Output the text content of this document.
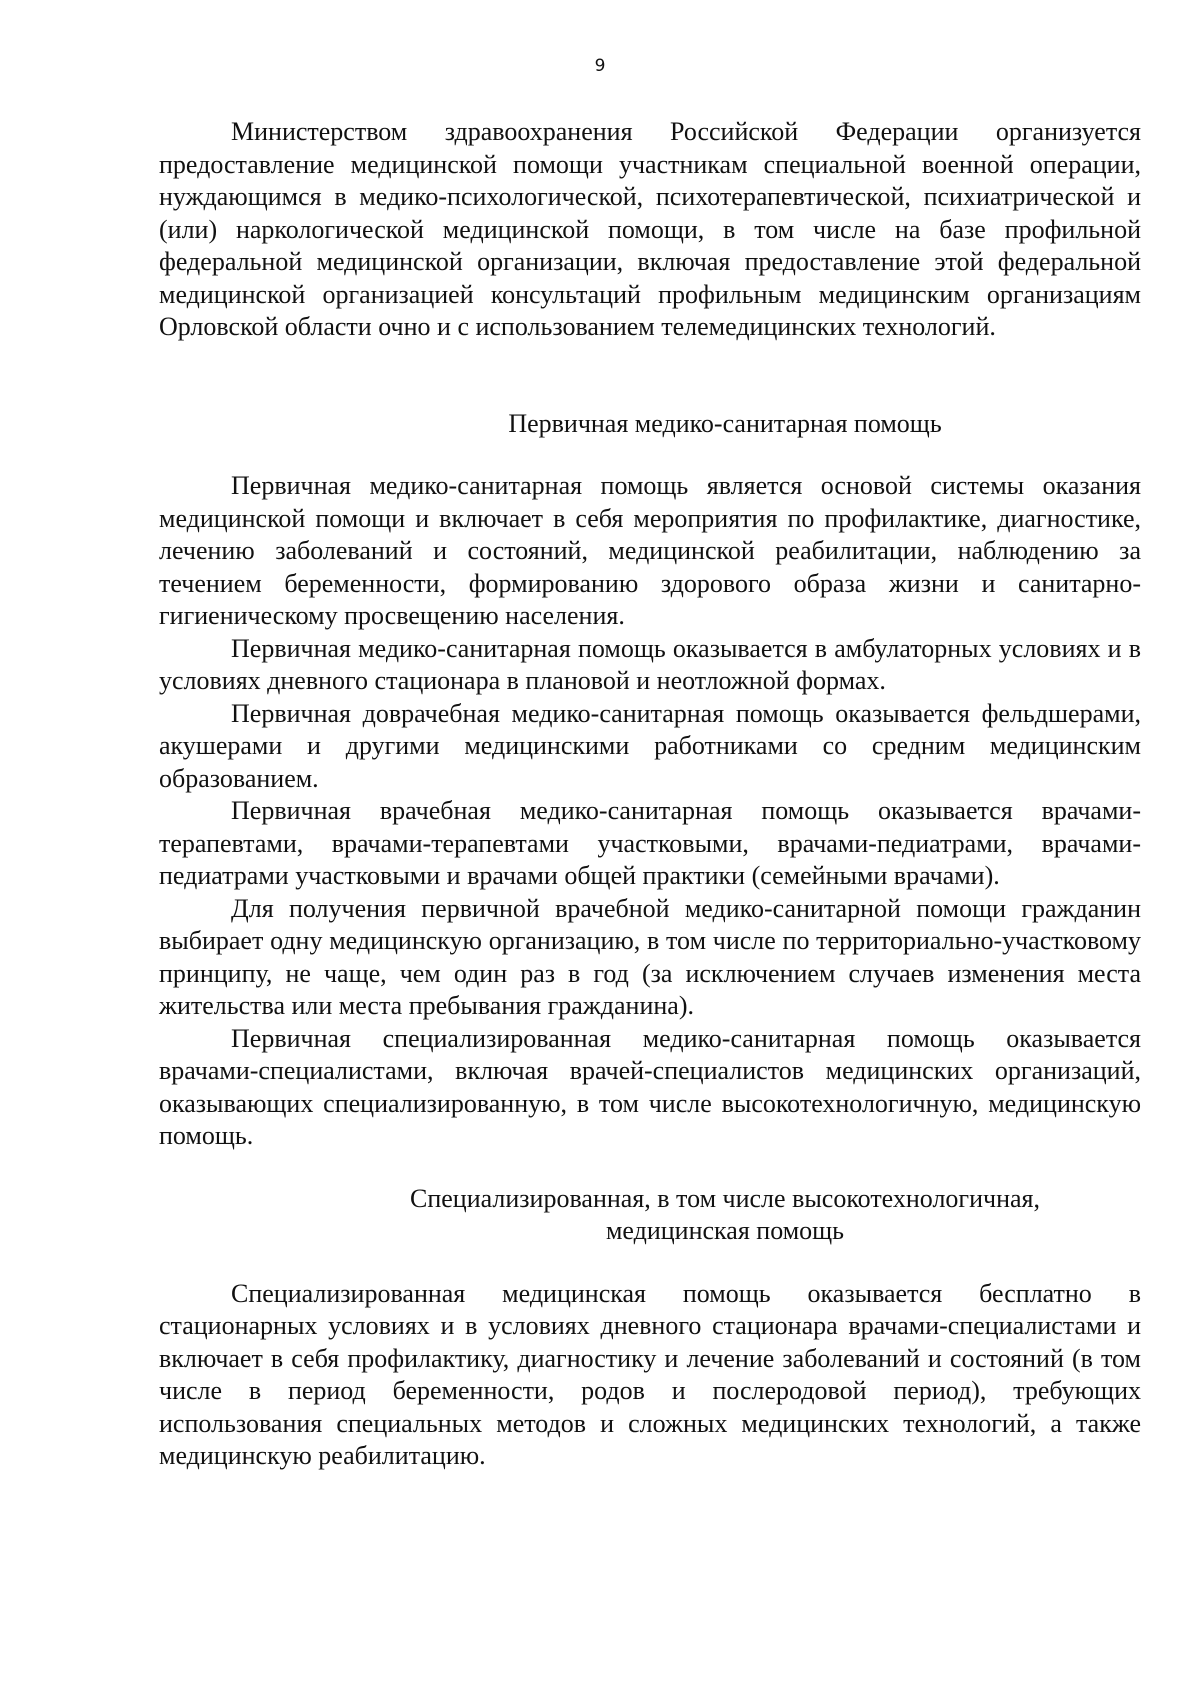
9

Министерством здравоохранения Российской Федерации организуется предоставление медицинской помощи участникам специальной военной операции, нуждающимся в медико-психологической, психотерапевтической, психиатрической и (или) наркологической медицинской помощи, в том числе на базе профильной федеральной медицинской организации, включая предоставление этой федеральной медицинской организацией консультаций профильным медицинским организациям Орловской области очно и с использованием телемедицинских технологий.

Первичная медико-санитарная помощь

Первичная медико-санитарная помощь является основой системы оказания медицинской помощи и включает в себя мероприятия по профилактике, диагностике, лечению заболеваний и состояний, медицинской реабилитации, наблюдению за течением беременности, формированию здорового образа жизни и санитарно-гигиеническому просвещению населения.

Первичная медико-санитарная помощь оказывается в амбулаторных условиях и в условиях дневного стационара в плановой и неотложной формах.

Первичная доврачебная медико-санитарная помощь оказывается фельдшерами, акушерами и другими медицинскими работниками со средним медицинским образованием.

Первичная врачебная медико-санитарная помощь оказывается врачами-терапевтами, врачами-терапевтами участковыми, врачами-педиатрами, врачами-педиатрами участковыми и врачами общей практики (семейными врачами).

Для получения первичной врачебной медико-санитарной помощи гражданин выбирает одну медицинскую организацию, в том числе по территориально-участковому принципу, не чаще, чем один раз в год (за исключением случаев изменения места жительства или места пребывания гражданина).

Первичная специализированная медико-санитарная помощь оказывается врачами-специалистами, включая врачей-специалистов медицинских организаций, оказывающих специализированную, в том числе высокотехнологичную, медицинскую помощь.

Специализированная, в том числе высокотехнологичная,
медицинская помощь

Специализированная медицинская помощь оказывается бесплатно в стационарных условиях и в условиях дневного стационара врачами-специалистами и включает в себя профилактику, диагностику и лечение заболеваний и состояний (в том числе в период беременности, родов и послеродовой период), требующих использования специальных методов и сложных медицинских технологий, а также медицинскую реабилитацию.
